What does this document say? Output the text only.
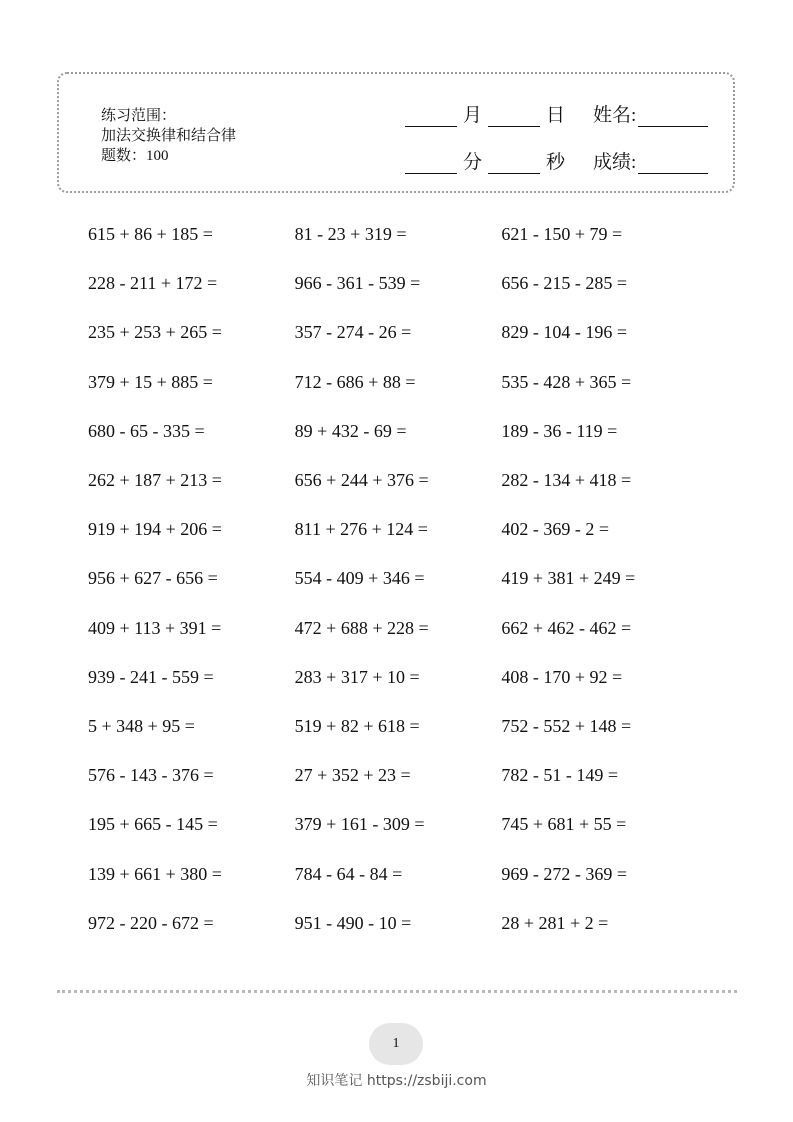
练习范围：
加法交换律和结合律
题数：100
月	日	姓名:
分	秒	成绩:
615 + 86 + 185 =	81 - 23 + 319 =	621 - 150 + 79 =
228 - 211 + 172 =	966 - 361 - 539 =	656 - 215 - 285 =
235 + 253 + 265 =	357 - 274 - 26 =	829 - 104 - 196 =
379 + 15 + 885 =	712 - 686 + 88 =	535 - 428 + 365 =
680 - 65 - 335 =	89 + 432 - 69 =	189 - 36 - 119 =
262 + 187 + 213 =	656 + 244 + 376 =	282 - 134 + 418 =
919 + 194 + 206 =	811 + 276 + 124 =	402 - 369 - 2 =
956 + 627 - 656 =	554 - 409 + 346 =	419 + 381 + 249 =
409 + 113 + 391 =	472 + 688 + 228 =	662 + 462 - 462 =
939 - 241 - 559 =	283 + 317 + 10 =	408 - 170 + 92 =
5 + 348 + 95 =	519 + 82 + 618 =	752 - 552 + 148 =
576 - 143 - 376 =	27 + 352 + 23 =	782 - 51 - 149 =
195 + 665 - 145 =	379 + 161 - 309 =	745 + 681 + 55 =
139 + 661 + 380 =	784 - 64 - 84 =	969 - 272 - 369 =
972 - 220 - 672 =	951 - 490 - 10 =	28 + 281 + 2 =
1
知识笔记 https://zsbiji.com
